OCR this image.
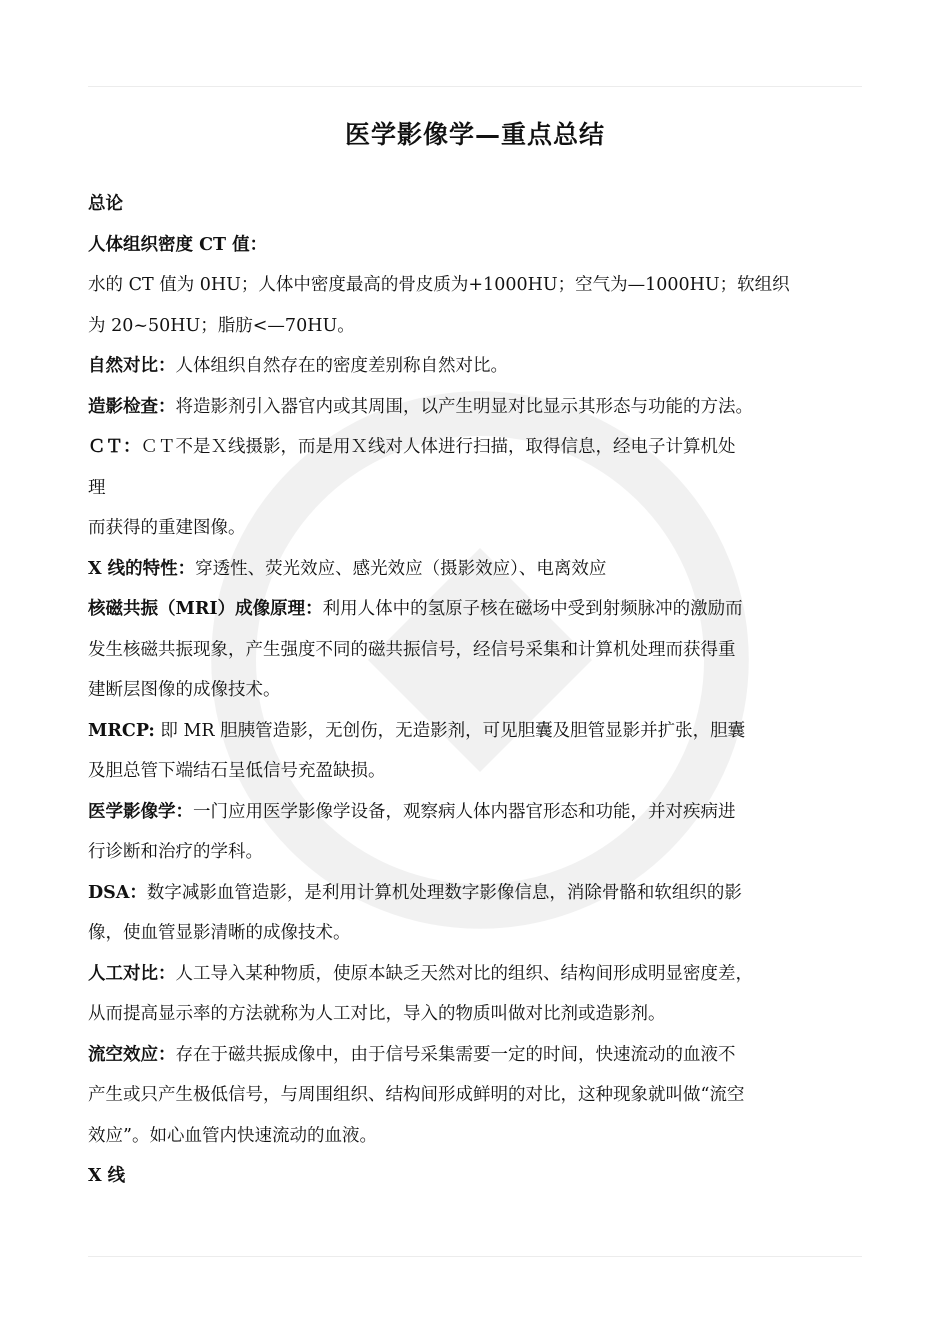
医学影像学—重点总结
总论
人体组织密度 CT 值：
水的 CT 值为 0HU；人体中密度最高的骨皮质为+1000HU；空气为—1000HU；软组织
为 20~50HU；脂肪<—70HU。
自然对比：人体组织自然存在的密度差别称自然对比。
造影检查：将造影剂引入器官内或其周围，以产生明显对比显示其形态与功能的方法。
ＣＴ：ＣＴ不是Ｘ线摄影，而是用Ｘ线对人体进行扫描，取得信息，经电子计算机处
理
而获得的重建图像。
X 线的特性：穿透性、荧光效应、感光效应（摄影效应）、电离效应
核磁共振（MRI）成像原理：利用人体中的氢原子核在磁场中受到射频脉冲的激励而
发生核磁共振现象，产生强度不同的磁共振信号，经信号采集和计算机处理而获得重
建断层图像的成像技术。
MRCP: 即 MR 胆胰管造影，无创伤，无造影剂，可见胆囊及胆管显影并扩张，胆囊
及胆总管下端结石呈低信号充盈缺损。
医学影像学：一门应用医学影像学设备，观察病人体内器官形态和功能，并对疾病进
行诊断和治疗的学科。
DSA：数字减影血管造影，是利用计算机处理数字影像信息，消除骨骼和软组织的影
像，使血管显影清晰的成像技术。
人工对比：人工导入某种物质，使原本缺乏天然对比的组织、结构间形成明显密度差，
从而提高显示率的方法就称为人工对比，导入的物质叫做对比剂或造影剂。
流空效应：存在于磁共振成像中，由于信号采集需要一定的时间，快速流动的血液不
产生或只产生极低信号，与周围组织、结构间形成鲜明的对比，这种现象就叫做“流空
效应”。如心血管内快速流动的血液。
X 线
